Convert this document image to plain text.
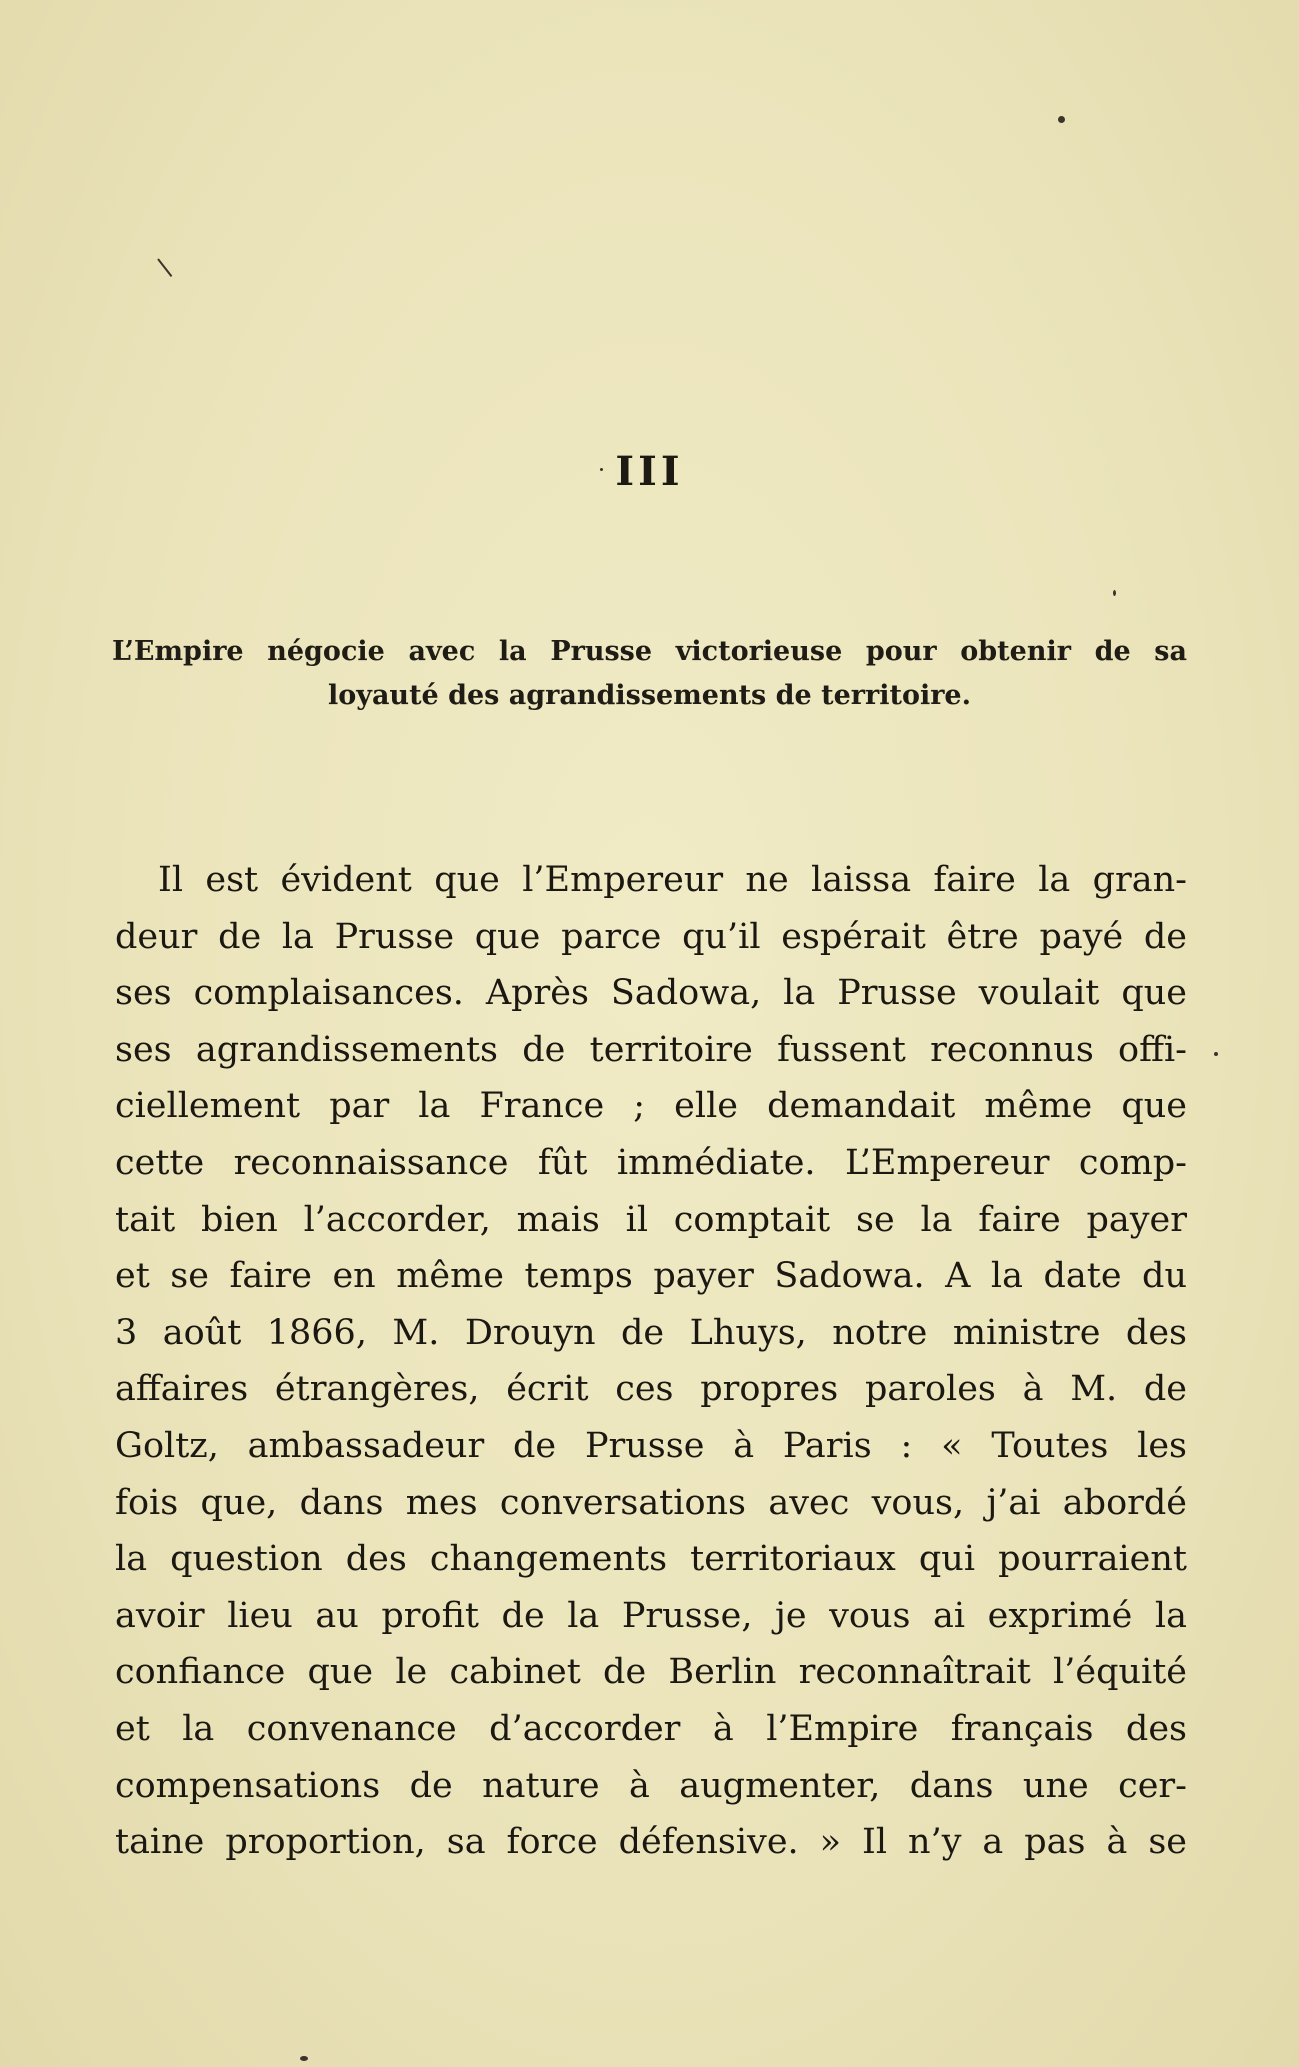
III

L’Empire négocie avec la Prusse victorieuse pour obtenir de sa
loyauté des agrandissements de territoire.

Il est évident que l’Empereur ne laissa faire la gran-
deur de la Prusse que parce qu’il espérait être payé de
ses complaisances. Après Sadowa, la Prusse voulait que
ses agrandissements de territoire fussent reconnus offi-
ciellement par la France ; elle demandait même que
cette reconnaissance fût immédiate. L’Empereur comp-
tait bien l’accorder, mais il comptait se la faire payer
et se faire en même temps payer Sadowa. A la date du
3 août 1866, M. Drouyn de Lhuys, notre ministre des
affaires étrangères, écrit ces propres paroles à M. de
Goltz, ambassadeur de Prusse à Paris : « Toutes les
fois que, dans mes conversations avec vous, j’ai abordé
la question des changements territoriaux qui pourraient
avoir lieu au profit de la Prusse, je vous ai exprimé la
confiance que le cabinet de Berlin reconnaîtrait l’équité
et la convenance d’accorder à l’Empire français des
compensations de nature à augmenter, dans une cer-
taine proportion, sa force défensive. » Il n’y a pas à se
